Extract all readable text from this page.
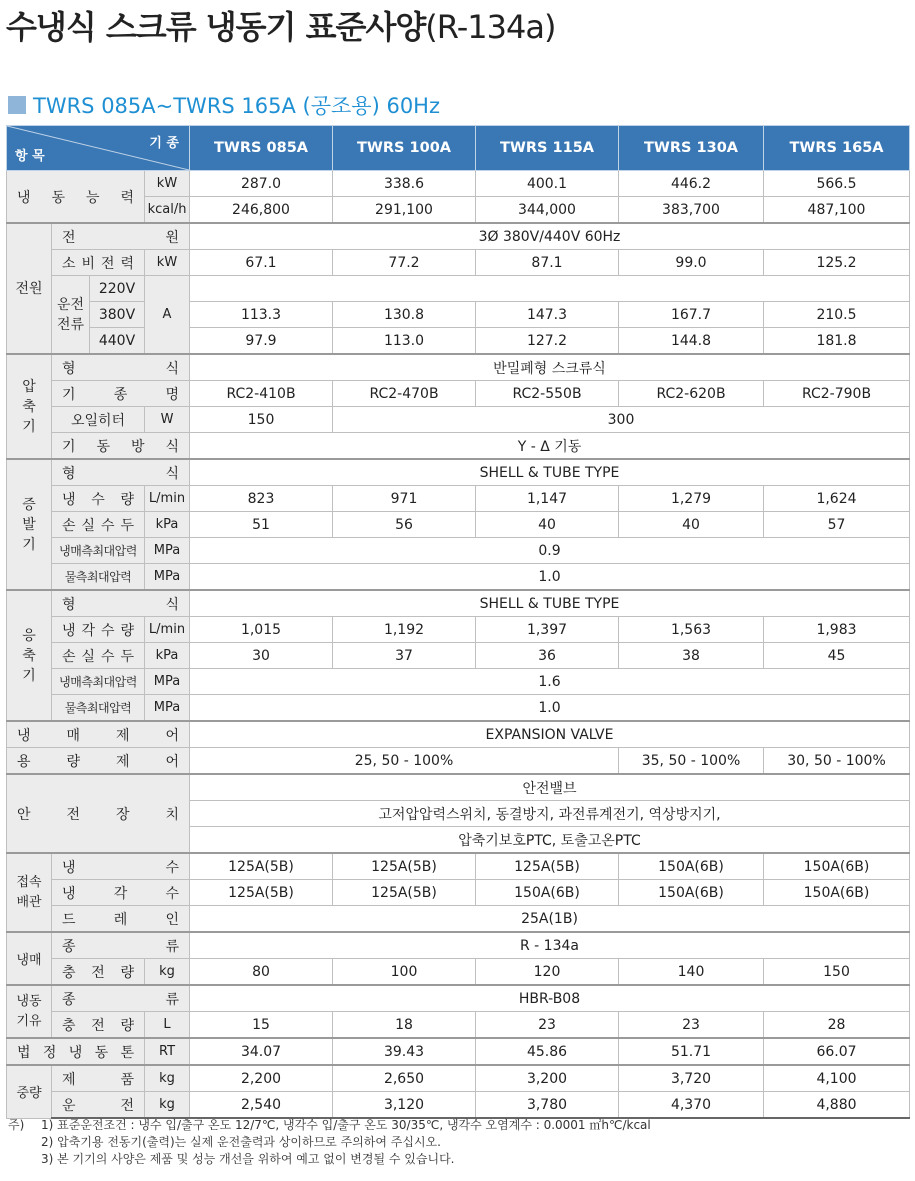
수냉식 스크류 냉동기 표준사양(R-134a)
TWRS 085A~TWRS 165A (공조용) 60Hz
기 종
항 목				TWRS 085A	TWRS 100A	TWRS 115A	TWRS 130A	TWRS 165A

냉 동 능 력			kW	287.0	338.6	400.1	446.2	566.5
			kcal/h	246,800	291,100	344,000	383,700	487,100
전원	전 원			3Ø 380V/440V 60Hz				

	소 비 전 력		kW	67.1	77.2	87.1	99.0	125.2
	운전전류	220V	A					
		380V		113.3	130.8	147.3	167.7	210.5
		440V		97.9	113.0	127.2	144.8	181.8
압축기	형 식			반밀폐형 스크류식				

	기 종 명			RC2-410B	RC2-470B	RC2-550B	RC2-620B	RC2-790B
	오일히터		W	150	300			

	기 동 방 식			Y - Δ 기동				
증발기	형 식			SHELL & TUBE TYPE				

	냉 수 량		L/min	823	971	1,147	1,279	1,624

	손 실 수 두		kPa	51	56	40	40	57
	냉매측최대압력		MPa	0.9				
	물측최대압력		MPa	1.0				
응축기	형 식			SHELL & TUBE TYPE				

	냉 각 수 량		L/min	1,015	1,192	1,397	1,563	1,983

	손 실 수 두		kPa	30	37	36	38	45
	냉매측최대압력		MPa	1.6				
	물측최대압력		MPa	1.0				

냉 매 제 어				EXPANSION VALVE				

용 량 제 어				25, 50 - 100%			35, 50 - 100%	30, 50 - 100%

안 전 장 치				안전밸브				
				고저압압력스위치, 동결방지, 과전류계전기, 역상방지기,				
				압축기보호PTC, 토출고온PTC				
접속배관	냉 수			125A(5B)	125A(5B)	125A(5B)	150A(6B)	150A(6B)

	냉 각 수			125A(5B)	125A(5B)	150A(6B)	150A(6B)	150A(6B)

	드 레 인			25A(1B)				
냉매	종 류			R - 134a				

	충 전 량		kg	80	100	120	140	150
냉동기유	종 류			HBR-B08				

	충 전 량		L	15	18	23	23	28

법 정 냉 동 톤			RT	34.07	39.43	45.86	51.71	66.07
중량	제 품		kg	2,200	2,650	3,200	3,720	4,100

	운 전		kg	2,540	3,120	3,780	4,370	4,880
주)	1) 표준운전조건 : 냉수 입/출구 온도 12/7℃, 냉각수 입/출구 온도 30/35℃, 냉각수 오염계수 : 0.0001 ㎡h℃/kcal
2) 압축기용 전동기(출력)는 실제 운전출력과 상이하므로 주의하여 주십시오.
3) 본 기기의 사양은 제품 및 성능 개선을 위하여 예고 없이 변경될 수 있습니다.
